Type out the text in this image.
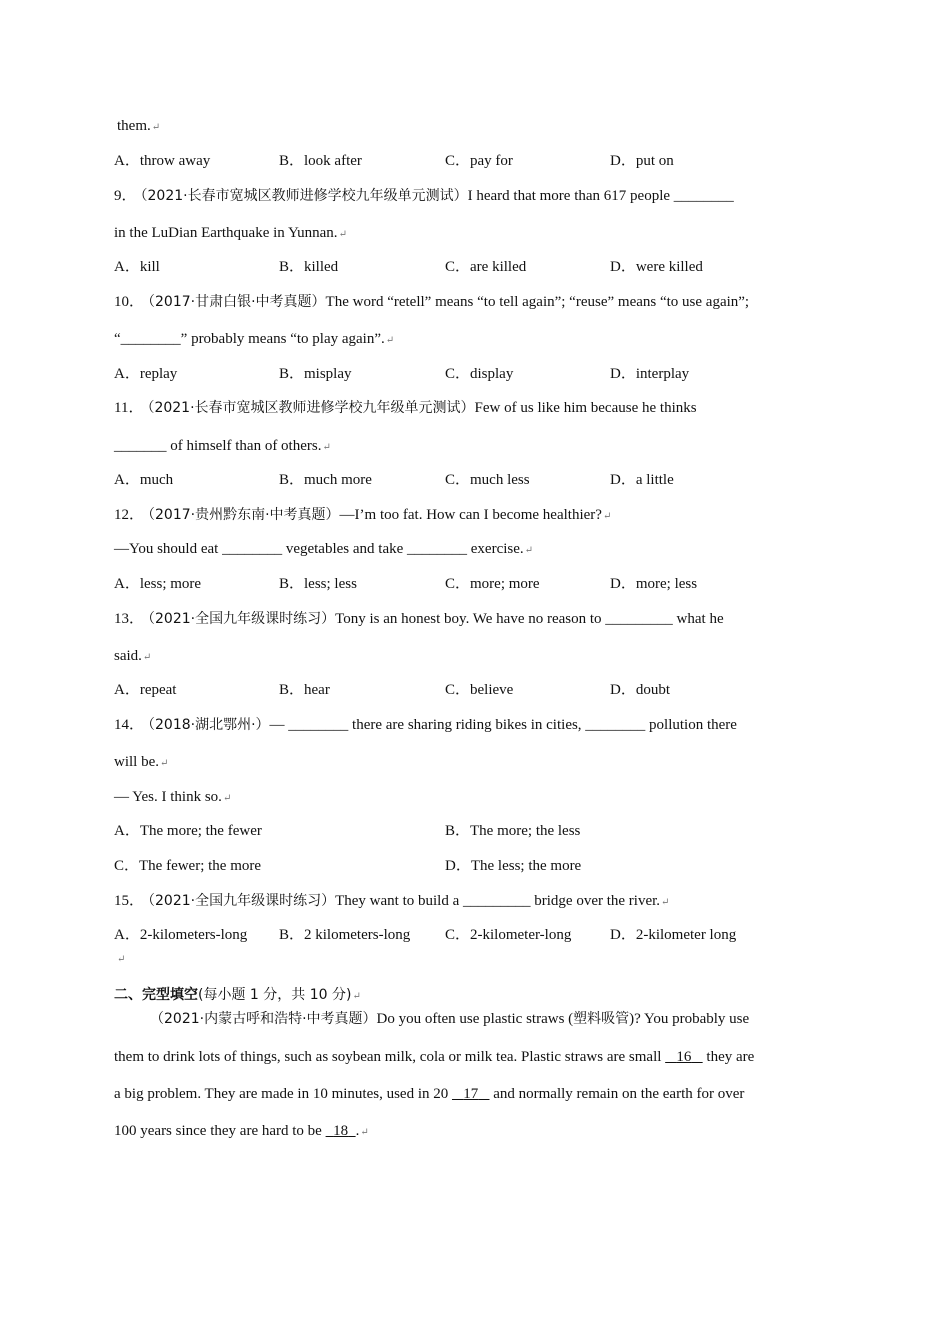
them.↵
A．throw away	B．look after	C．pay for	D．put on
9． （2021·长春市宽城区教师进修学校九年级单元测试）I heard that more than 617 people ________
in the LuDian Earthquake in Yunnan.↵
A．kill	B．killed	C．are killed	D．were killed
10． （2017·甘肃白银·中考真题）The word “retell” means “to tell again”; “reuse” means “to use again”;
“________” probably means “to play again”.↵
A．replay	B．misplay	C．display	D．interplay
11． （2021·长春市宽城区教师进修学校九年级单元测试）Few of us like him because he thinks
_______ of himself than of others.↵
A．much	B．much more	C．much less	D．a little
12． （2017·贵州黔东南·中考真题）—I’m too fat. How can I become healthier?↵
—You should eat ________ vegetables and take ________ exercise.↵
A．less; more	B．less; less	C．more; more	D．more; less
13． （2021·全国九年级课时练习）Tony is an honest boy. We have no reason to _________ what he
said.↵
A．repeat	B．hear	C．believe	D．doubt
14． （2018·湖北鄂州·）— ________ there are sharing riding bikes in cities, ________ pollution there
will be.↵
— Yes. I think so.↵
A．The more; the fewer	B．The more; the less
C．The fewer; the more	D．The less; the more
15． （2021·全国九年级课时练习）They want to build a _________ bridge over the river.↵
A．2-kilometers-long B．2 kilometers-long C．2-kilometer-long	D．2-kilometer long
↵
二、完型填空(每小题 1 分，共 10 分)↵
（2021·内蒙古呼和浩特·中考真题）Do you often use plastic straws (塑料吸管)? You probably use
them to drink lots of things, such as soybean milk, cola or milk tea. Plastic straws are small 16 they are
a big problem. They are made in 10 minutes, used in 20 17 and normally remain on the earth for over
100 years since they are hard to be 18 .↵
